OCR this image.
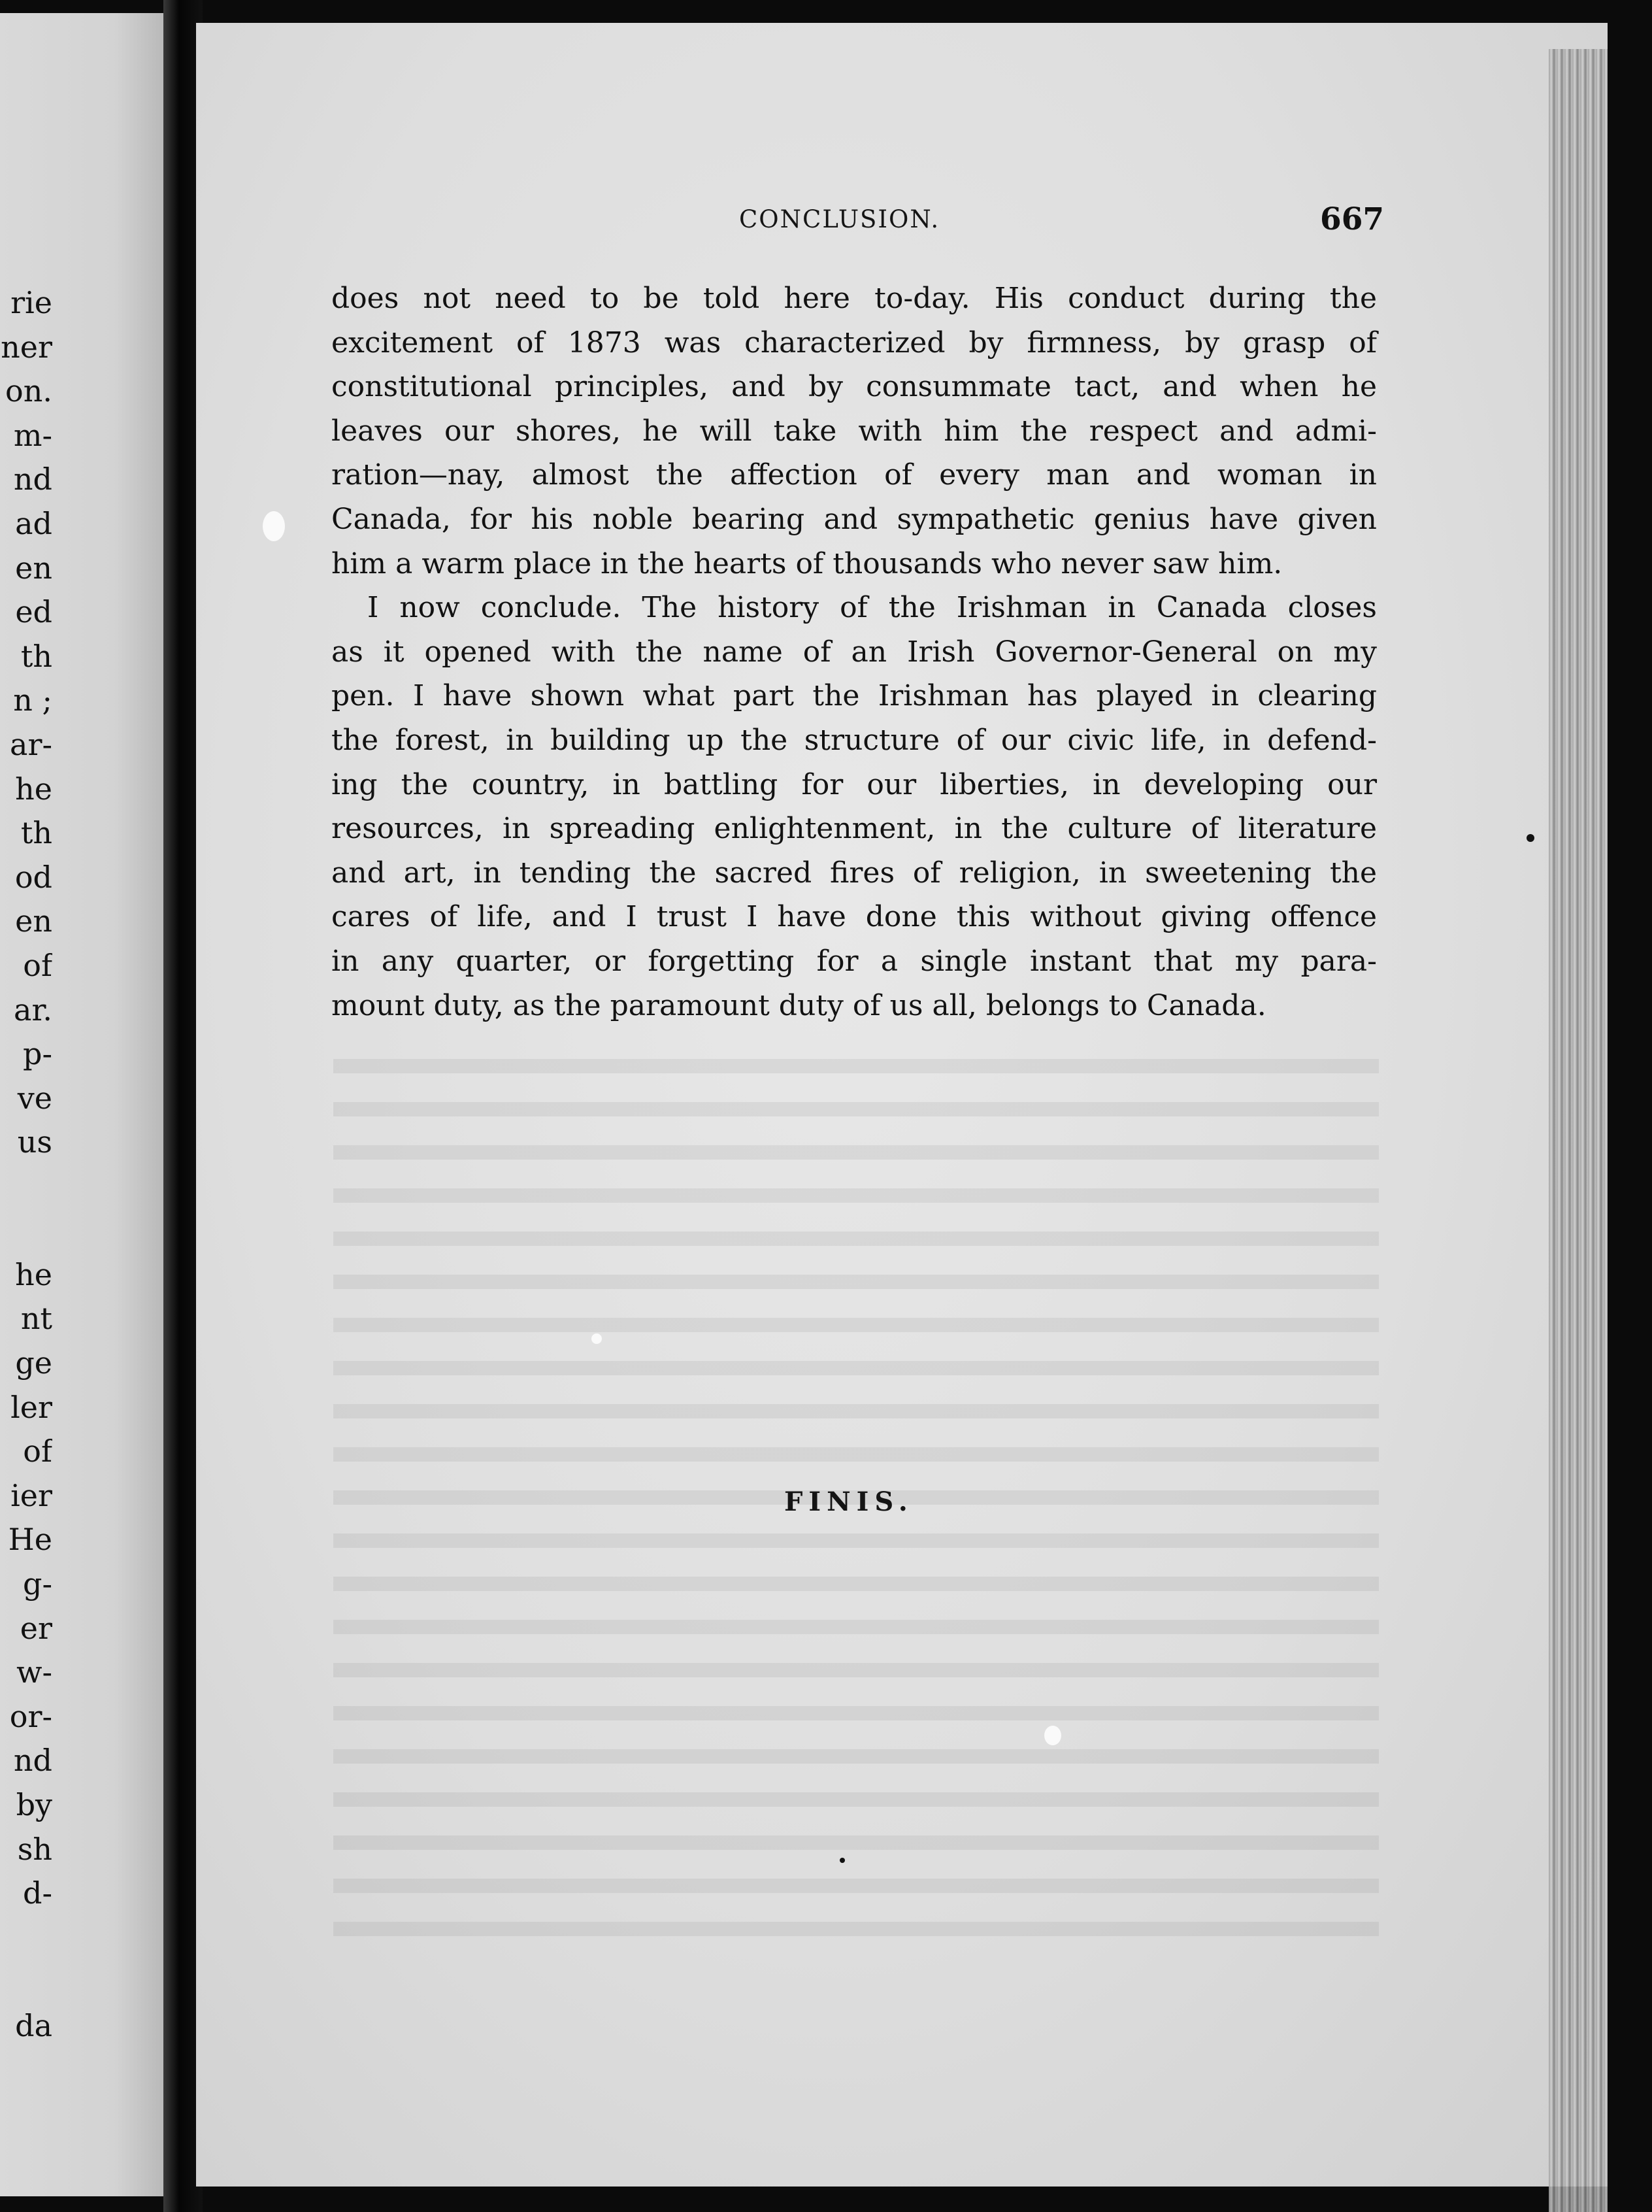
rie
ner
on.
m-
nd
ad
en
ed
th
n ;
ar-
he
th
od
en
of
ar.
p-
ve
us
he
nt
ge
ler
of
ier
He
g-
er
w-
or-
nd
by
sh
d-
da
CONCLUSION.	667
does not need to be told here to-day. His conduct during the
excitement of 1873 was characterized by firmness, by grasp of
constitutional principles, and by consummate tact, and when he
leaves our shores, he will take with him the respect and admi-
ration—nay, almost the affection of every man and woman in
Canada, for his noble bearing and sympathetic genius have given
him a warm place in the hearts of thousands who never saw him.
I now conclude. The history of the Irishman in Canada closes
as it opened with the name of an Irish Governor-General on my
pen. I have shown what part the Irishman has played in clearing
the forest, in building up the structure of our civic life, in defend-
ing the country, in battling for our liberties, in developing our
resources, in spreading enlightenment, in the culture of literature
and art, in tending the sacred fires of religion, in sweetening the
cares of life, and I trust I have done this without giving offence
in any quarter, or forgetting for a single instant that my para-
mount duty, as the paramount duty of us all, belongs to Canada.
FINIS.
